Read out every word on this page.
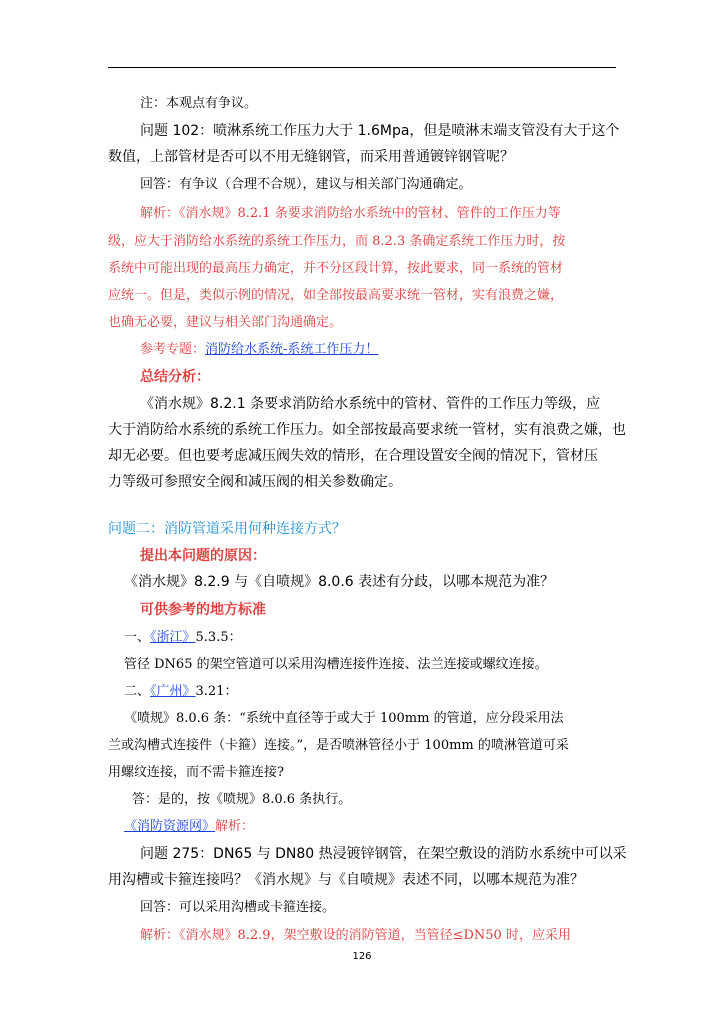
注：本观点有争议。
问题 102：喷淋系统工作压力大于 1.6Mpa，但是喷淋末端支管没有大于这个
数值，上部管材是否可以不用无缝钢管，而采用普通镀锌钢管呢？
回答：有争议（合理不合规），建议与相关部门沟通确定。
解析：《消水规》8.2.1 条要求消防给水系统中的管材、管件的工作压力等
级，应大于消防给水系统的系统工作压力，而 8.2.3 条确定系统工作压力时，按
系统中可能出现的最高压力确定，并不分区段计算，按此要求，同一系统的管材
应统一。但是，类似示例的情况，如全部按最高要求统一管材，实有浪费之嫌，
也确无必要，建议与相关部门沟通确定。
参考专题：消防给水系统-系统工作压力！
总结分析：
《消水规》8.2.1 条要求消防给水系统中的管材、管件的工作压力等级，应
大于消防给水系统的系统工作压力。如全部按最高要求统一管材，实有浪费之嫌，也
却无必要。但也要考虑减压阀失效的情形，在合理设置安全阀的情况下，管材压
力等级可参照安全阀和减压阀的相关参数确定。
问题二：消防管道采用何种连接方式？
提出本问题的原因：
《消水规》8.2.9 与《自喷规》8.0.6 表述有分歧，以哪本规范为准？
可供参考的地方标准
一、《浙江》5.3.5：
管径 DN65 的架空管道可以采用沟槽连接件连接、法兰连接或螺纹连接。
二、《广州》3.21：
《喷规》8.0.6 条：“系统中直径等于或大于 100mm 的管道，应分段采用法
兰或沟槽式连接件（卡箍）连接。”，是否喷淋管径小于 100mm 的喷淋管道可采
用螺纹连接，而不需卡箍连接?
答：是的，按《喷规》8.0.6 条执行。
《消防资源网》解析：
问题 275：DN65 与 DN80 热浸镀锌钢管，在架空敷设的消防水系统中可以采
用沟槽或卡箍连接吗？《消水规》与《自喷规》表述不同，以哪本规范为准？
回答：可以采用沟槽或卡箍连接。
解析：《消水规》8.2.9，架空敷设的消防管道，当管径≤DN50 时，应采用
126
